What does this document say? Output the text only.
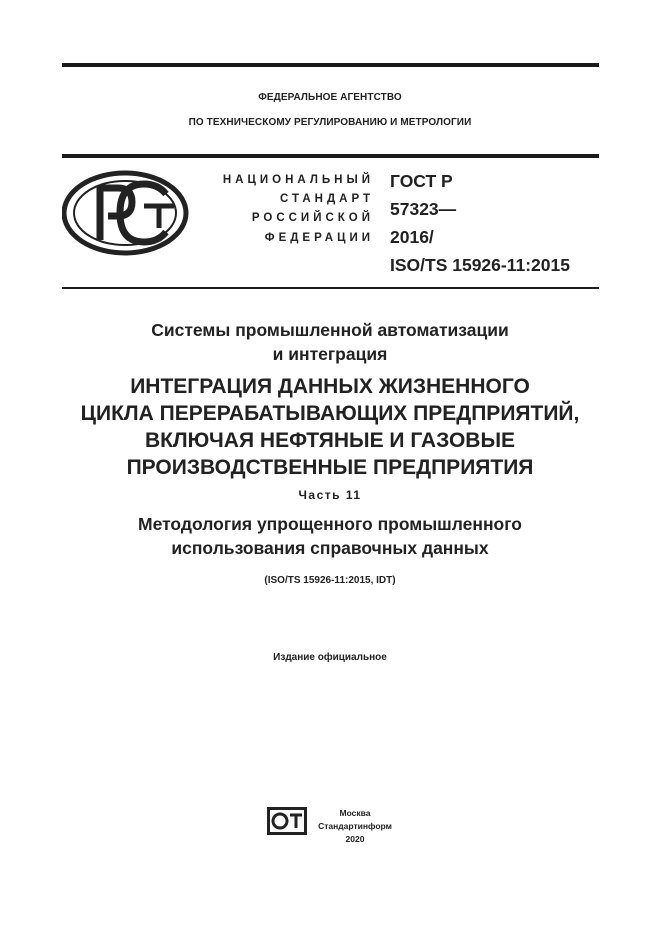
ФЕДЕРАЛЬНОЕ АГЕНТСТВО
ПО ТЕХНИЧЕСКОМУ РЕГУЛИРОВАНИЮ И МЕТРОЛОГИИ
НАЦИОНАЛЬНЫЙ
СТАНДАРТ
РОССИЙСКОЙ
ФЕДЕРАЦИИ
ГОСТ Р
57323—
2016/
ISO/TS 15926-11:2015
Системы промышленной автоматизации
и интеграция
ИНТЕГРАЦИЯ ДАННЫХ ЖИЗНЕННОГО
ЦИКЛА ПЕРЕРАБАТЫВАЮЩИХ ПРЕДПРИЯТИЙ,
ВКЛЮЧАЯ НЕФТЯНЫЕ И ГАЗОВЫЕ
ПРОИЗВОДСТВЕННЫЕ ПРЕДПРИЯТИЯ
Часть 11
Методология упрощенного промышленного
использования справочных данных
(ISO/TS 15926-11:2015, IDT)
Издание официальное
Москва
Стандартинформ
2020
